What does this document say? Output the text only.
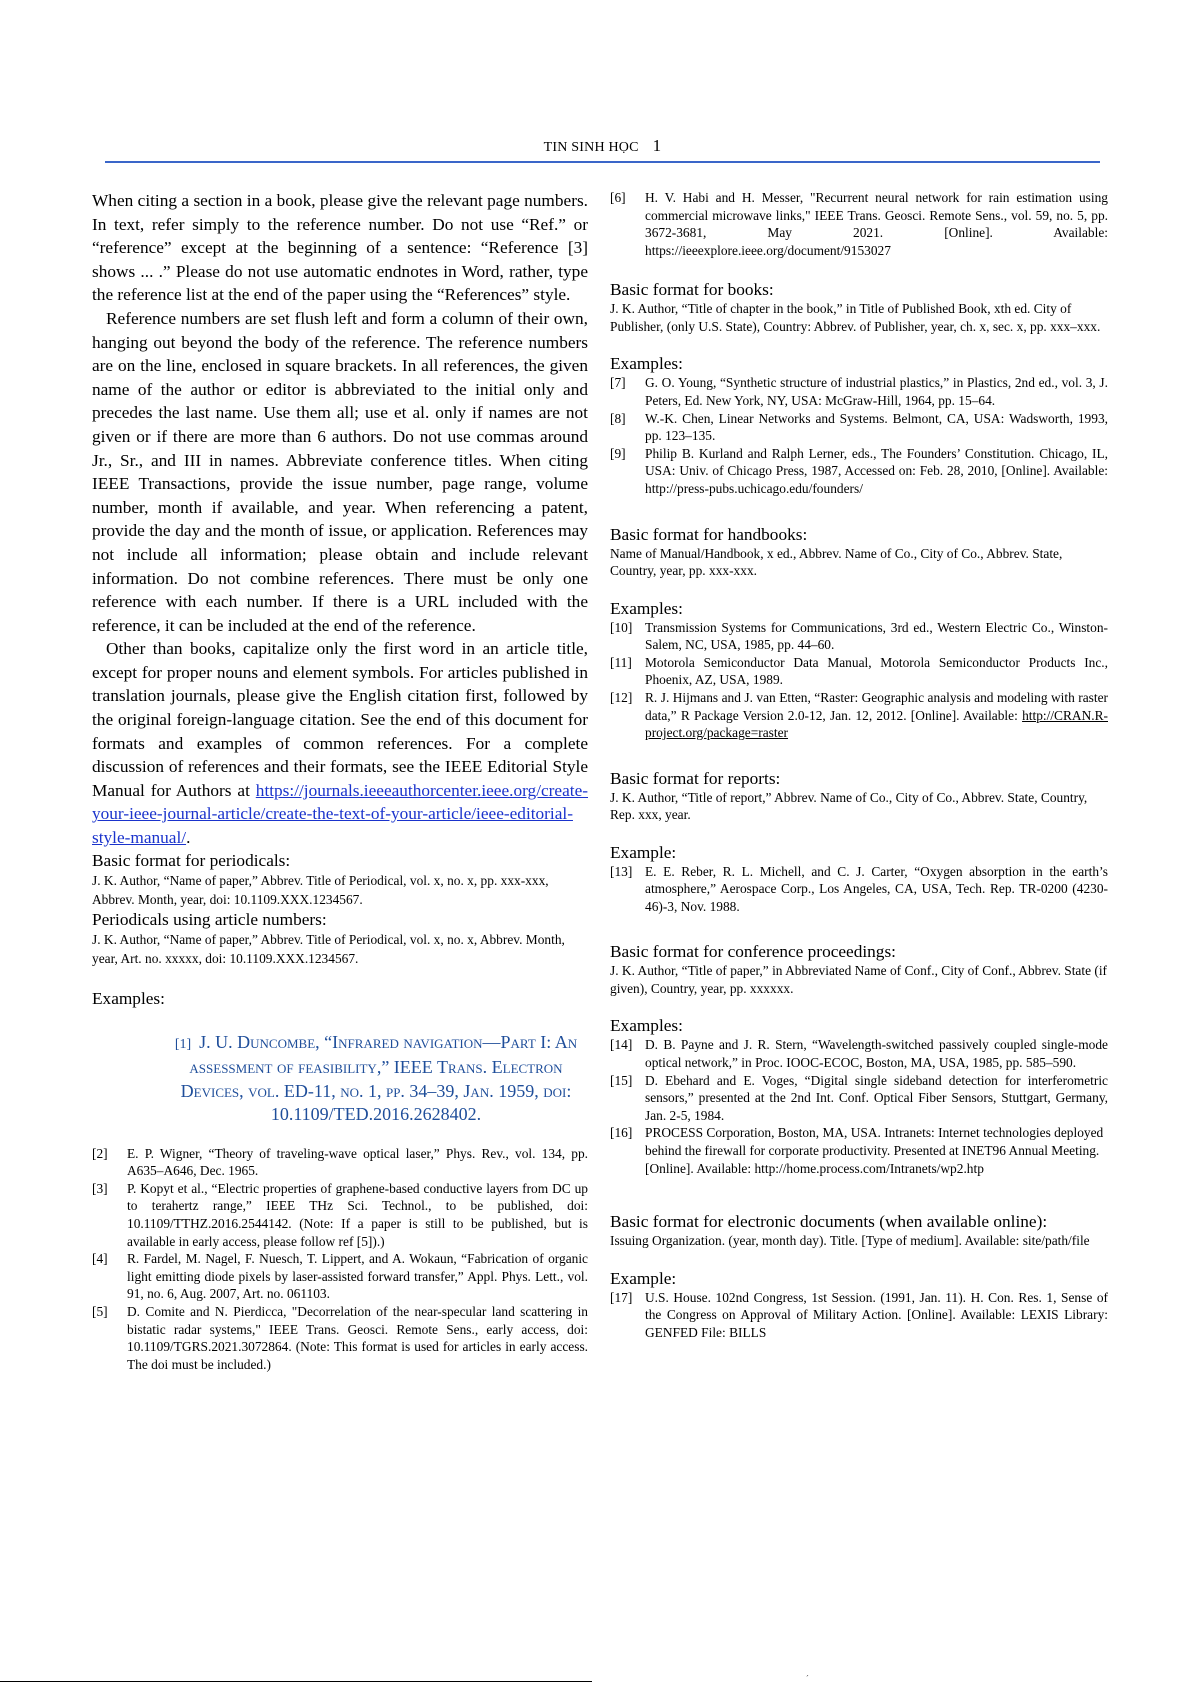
TIN SINH HỌC 1

When citing a section in a book, please give the relevant page numbers. In text, refer simply to the reference number. Do not use “Ref.” or “reference” except at the beginning of a sentence: “Reference [3] shows ... .” Please do not use automatic endnotes in Word, rather, type the reference list at the end of the paper using the “References” style.

Reference numbers are set flush left and form a column of their own, hanging out beyond the body of the reference. The reference numbers are on the line, enclosed in square brackets. In all references, the given name of the author or editor is abbreviated to the initial only and precedes the last name. Use them all; use et al. only if names are not given or if there are more than 6 authors. Do not use commas around Jr., Sr., and III in names. Abbreviate conference titles. When citing IEEE Transactions, provide the issue number, page range, volume number, month if available, and year. When referencing a patent, provide the day and the month of issue, or application. References may not include all information; please obtain and include relevant information. Do not combine references. There must be only one reference with each number. If there is a URL included with the reference, it can be included at the end of the reference.

Other than books, capitalize only the first word in an article title, except for proper nouns and element symbols. For articles published in translation journals, please give the English citation first, followed by the original foreign-language citation. See the end of this document for formats and examples of common references. For a complete discussion of references and their formats, see the IEEE Editorial Style Manual for Authors at https://journals.ieeeauthorcenter.ieee.org/create-your-ieee-journal-article/create-the-text-of-your-article/ieee-editorial-style-manual/.

Basic format for periodicals:

J. K. Author, “Name of paper,” Abbrev. Title of Periodical, vol. x, no. x, pp. xxx-xxx, Abbrev. Month, year, doi: 10.1109.XXX.1234567.

Periodicals using article numbers:

J. K. Author, “Name of paper,” Abbrev. Title of Periodical, vol. x, no. x, Abbrev. Month, year, Art. no. xxxxx, doi: 10.1109.XXX.1234567.

Examples:

[1] J. U. Duncombe, “Infrared navigation—Part I: An assessment of feasibility,” IEEE Trans. Electron Devices, vol. ED-11, no. 1, pp. 34–39, Jan. 1959, doi: 10.1109/TED.2016.2628402.

[2] E. P. Wigner, “Theory of traveling-wave optical laser,” Phys. Rev., vol. 134, pp. A635–A646, Dec. 1965.
[3] P. Kopyt et al., “Electric properties of graphene-based conductive layers from DC up to terahertz range,” IEEE THz Sci. Technol., to be published, doi: 10.1109/TTHZ.2016.2544142. (Note: If a paper is still to be published, but is available in early access, please follow ref [5]).)
[4] R. Fardel, M. Nagel, F. Nuesch, T. Lippert, and A. Wokaun, “Fabrication of organic light emitting diode pixels by laser-assisted forward transfer,” Appl. Phys. Lett., vol. 91, no. 6, Aug. 2007, Art. no. 061103.
[5] D. Comite and N. Pierdicca, "Decorrelation of the near-specular land scattering in bistatic radar systems," IEEE Trans. Geosci. Remote Sens., early access, doi: 10.1109/TGRS.2021.3072864. (Note: This format is used for articles in early access. The doi must be included.)
[6] H. V. Habi and H. Messer, "Recurrent neural network for rain estimation using commercial microwave links," IEEE Trans. Geosci. Remote Sens., vol. 59, no. 5, pp. 3672-3681, May 2021. [Online]. Available: https://ieeexplore.ieee.org/document/9153027

Basic format for books:

J. K. Author, “Title of chapter in the book,” in Title of Published Book, xth ed. City of Publisher, (only U.S. State), Country: Abbrev. of Publisher, year, ch. x, sec. x, pp. xxx–xxx.

Examples:

[7] G. O. Young, “Synthetic structure of industrial plastics,” in Plastics, 2nd ed., vol. 3, J. Peters, Ed. New York, NY, USA: McGraw-Hill, 1964, pp. 15–64.
[8] W.-K. Chen, Linear Networks and Systems. Belmont, CA, USA: Wadsworth, 1993, pp. 123–135.
[9] Philip B. Kurland and Ralph Lerner, eds., The Founders’ Constitution. Chicago, IL, USA: Univ. of Chicago Press, 1987, Accessed on: Feb. 28, 2010, [Online]. Available: http://press-pubs.uchicago.edu/founders/

Basic format for handbooks:

Name of Manual/Handbook, x ed., Abbrev. Name of Co., City of Co., Abbrev. State, Country, year, pp. xxx-xxx.

Examples:

[10] Transmission Systems for Communications, 3rd ed., Western Electric Co., Winston-Salem, NC, USA, 1985, pp. 44–60.
[11] Motorola Semiconductor Data Manual, Motorola Semiconductor Products Inc., Phoenix, AZ, USA, 1989.
[12] R. J. Hijmans and J. van Etten, “Raster: Geographic analysis and modeling with raster data,” R Package Version 2.0-12, Jan. 12, 2012. [Online]. Available: http://CRAN.R-project.org/package=raster

Basic format for reports:

J. K. Author, “Title of report,” Abbrev. Name of Co., City of Co., Abbrev. State, Country, Rep. xxx, year.

Example:

[13] E. E. Reber, R. L. Michell, and C. J. Carter, “Oxygen absorption in the earth’s atmosphere,” Aerospace Corp., Los Angeles, CA, USA, Tech. Rep. TR-0200 (4230-46)-3, Nov. 1988.

Basic format for conference proceedings:

J. K. Author, “Title of paper,” in Abbreviated Name of Conf., City of Conf., Abbrev. State (if given), Country, year, pp. xxxxxx.

Examples:

[14] D. B. Payne and J. R. Stern, “Wavelength-switched passively coupled single-mode optical network,” in Proc. IOOC-ECOC, Boston, MA, USA, 1985, pp. 585–590.
[15] D. Ebehard and E. Voges, “Digital single sideband detection for interferometric sensors,” presented at the 2nd Int. Conf. Optical Fiber Sensors, Stuttgart, Germany, Jan. 2-5, 1984.
[16] PROCESS Corporation, Boston, MA, USA. Intranets: Internet technologies deployed behind the firewall for corporate productivity. Presented at INET96 Annual Meeting. [Online]. Available: http://home.process.com/Intranets/wp2.htp

Basic format for electronic documents (when available online):

Issuing Organization. (year, month day). Title. [Type of medium]. Available: site/path/file

Example:

[17] U.S. House. 102nd Congress, 1st Session. (1991, Jan. 11). H. Con. Res. 1, Sense of the Congress on Approval of Military Action. [Online]. Available: LEXIS Library: GENFED File: BILLS
ˊ
